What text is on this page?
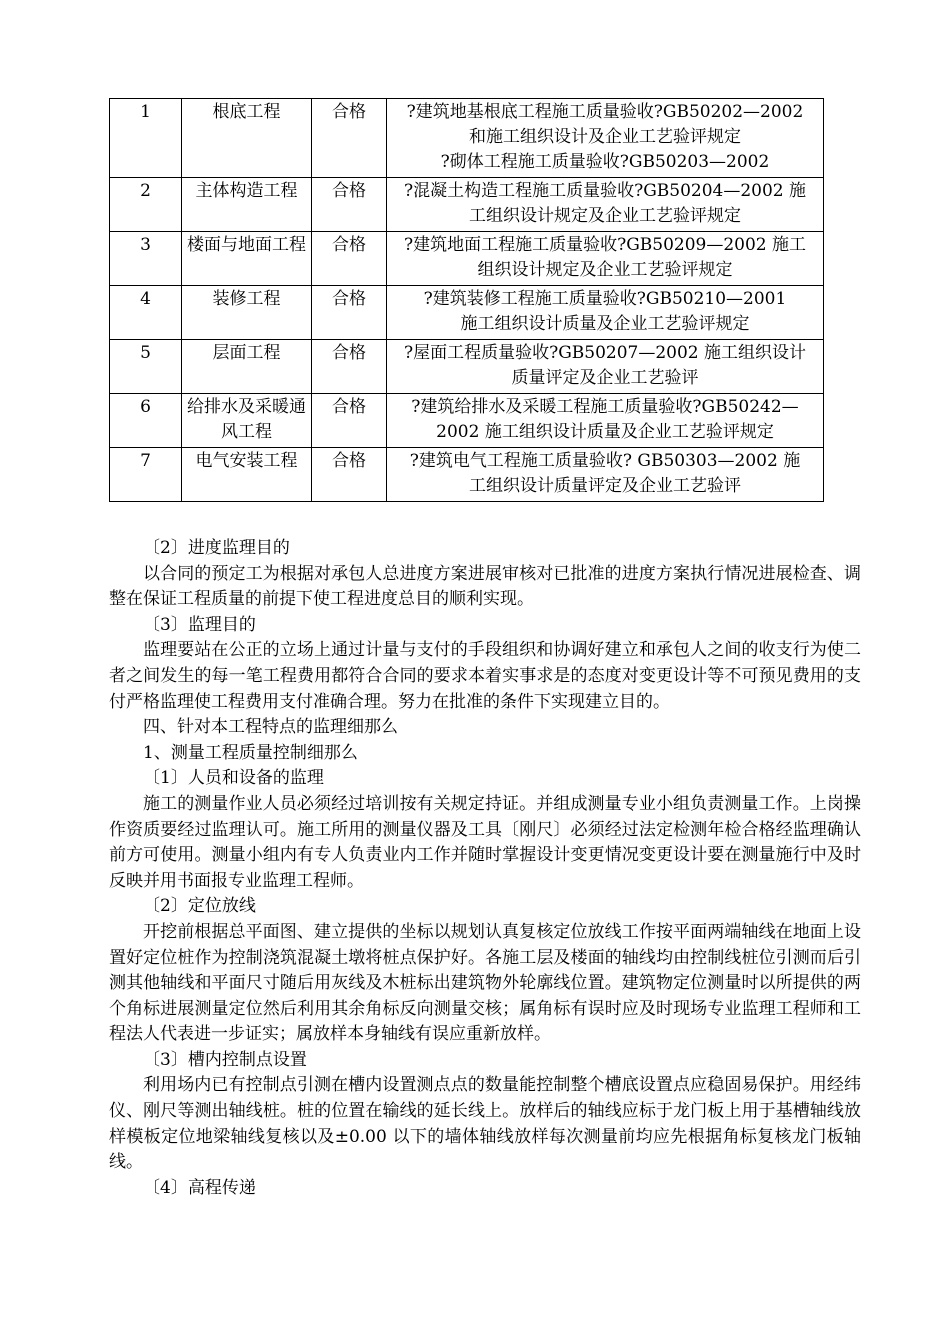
1	根底工程	合格	?建筑地基根底工程施工质量验收?GB50202—2002
和施工组织设计及企业工艺验评规定
?砌体工程施工质量验收?GB50203—2002

2	主体构造工程	合格	?混凝土构造工程施工质量验收?GB50204—2002 施
工组织设计规定及企业工艺验评规定

3	楼面与地面工程	合格	?建筑地面工程施工质量验收?GB50209—2002 施工
组织设计规定及企业工艺验评规定

4	装修工程	合格	?建筑装修工程施工质量验收?GB50210—2001
施工组织设计质量及企业工艺验评规定

5	层面工程	合格	?屋面工程质量验收?GB50207—2002 施工组织设计
质量评定及企业工艺验评

6	给排水及采暖通风工程	合格	?建筑给排水及采暖工程施工质量验收?GB50242—
2002 施工组织设计质量及企业工艺验评规定

7	电气安装工程	合格	?建筑电气工程施工质量验收? GB50303—2002 施
工组织设计质量评定及企业工艺验评

〔2〕进度监理目的

以合同的预定工为根据对承包人总进度方案进展审核对已批准的进度方案执行情况进展检查、调整在保证工程质量的前提下使工程进度总目的顺利实现。

〔3〕监理目的

监理要站在公正的立场上通过计量与支付的手段组织和协调好建立和承包人之间的收支行为使二者之间发生的每一笔工程费用都符合合同的要求本着实事求是的态度对变更设计等不可预见费用的支付严格监理使工程费用支付准确合理。努力在批准的条件下实现建立目的。

四、针对本工程特点的监理细那么

1、测量工程质量控制细那么

〔1〕人员和设备的监理

施工的测量作业人员必须经过培训按有关规定持证。并组成测量专业小组负责测量工作。上岗操作资质要经过监理认可。施工所用的测量仪器及工具〔刚尺〕必须经过法定检测年检合格经监理确认前方可使用。测量小组内有专人负责业内工作并随时掌握设计变更情况变更设计要在测量施行中及时反映并用书面报专业监理工程师。

〔2〕定位放线

开挖前根据总平面图、建立提供的坐标以规划认真复核定位放线工作按平面两端轴线在地面上设置好定位桩作为控制浇筑混凝土墩将桩点保护好。各施工层及楼面的轴线均由控制线桩位引测而后引测其他轴线和平面尺寸随后用灰线及木桩标出建筑物外轮廓线位置。建筑物定位测量时以所提供的两个角标进展测量定位然后利用其余角标反向测量交核；属角标有误时应及时现场专业监理工程师和工程法人代表进一步证实；属放样本身轴线有误应重新放样。

〔3〕槽内控制点设置

利用场内已有控制点引测在槽内设置测点点的数量能控制整个槽底设置点应稳固易保护。用经纬仪、刚尺等测出轴线桩。桩的位置在输线的延长线上。放样后的轴线应标于龙门板上用于基槽轴线放样模板定位地梁轴线复核以及±0.00 以下的墙体轴线放样每次测量前均应先根据角标复核龙门板轴线。

〔4〕高程传递
